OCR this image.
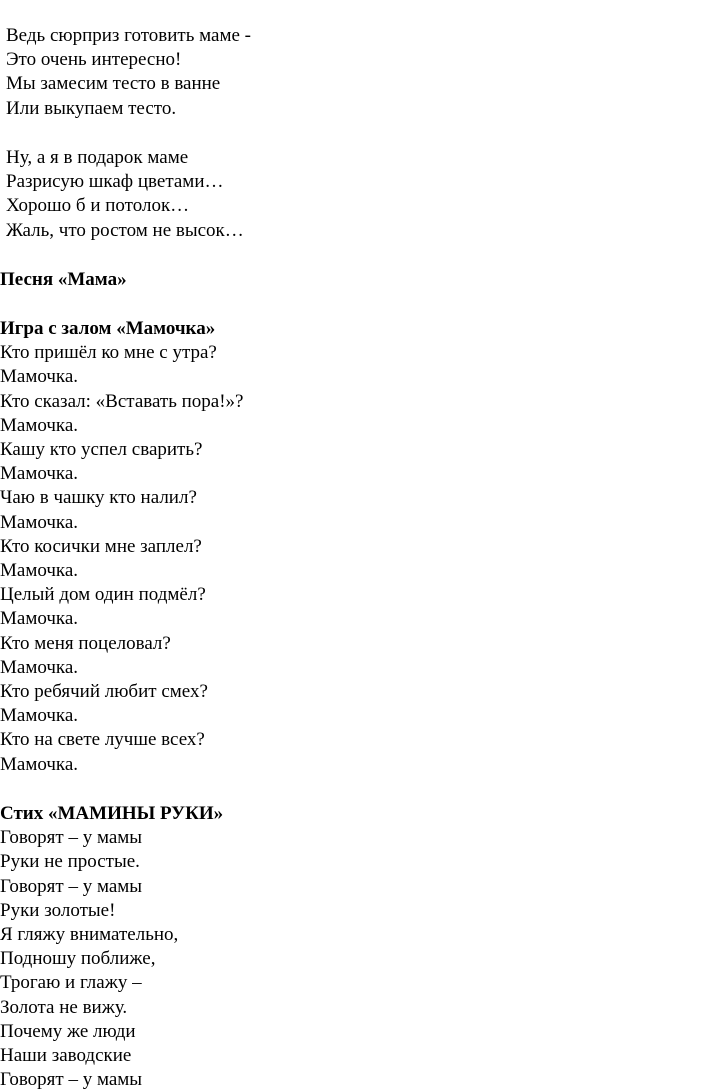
Ведь сюрприз готовить маме -
Это очень интересно!
Мы замесим тесто в ванне
Или выкупаем тесто.
Ну, а я в подарок маме
Разрисую шкаф цветами…
Хорошо б и потолок…
Жаль, что ростом не высок…
Песня «Мама»
Игра с залом «Мамочка»
Кто пришёл ко мне с утра?
Мамочка.
Кто сказал: «Вставать пора!»?
Мамочка.
Кашу кто успел сварить?
Мамочка.
Чаю в чашку кто налил?
Мамочка.
Кто косички мне заплел?
Мамочка.
Целый дом один подмёл?
Мамочка.
Кто меня поцеловал?
Мамочка.
Кто ребячий любит смех?
Мамочка.
Кто на свете лучше всех?
Мамочка.
Стих «МАМИНЫ РУКИ»
Говорят – у мамы
Руки не простые.
Говорят – у мамы
Руки золотые!
Я гляжу внимательно,
Подношу поближе,
Трогаю и глажу –
Золота не вижу.
Почему же люди
Наши заводские
Говорят – у мамы
